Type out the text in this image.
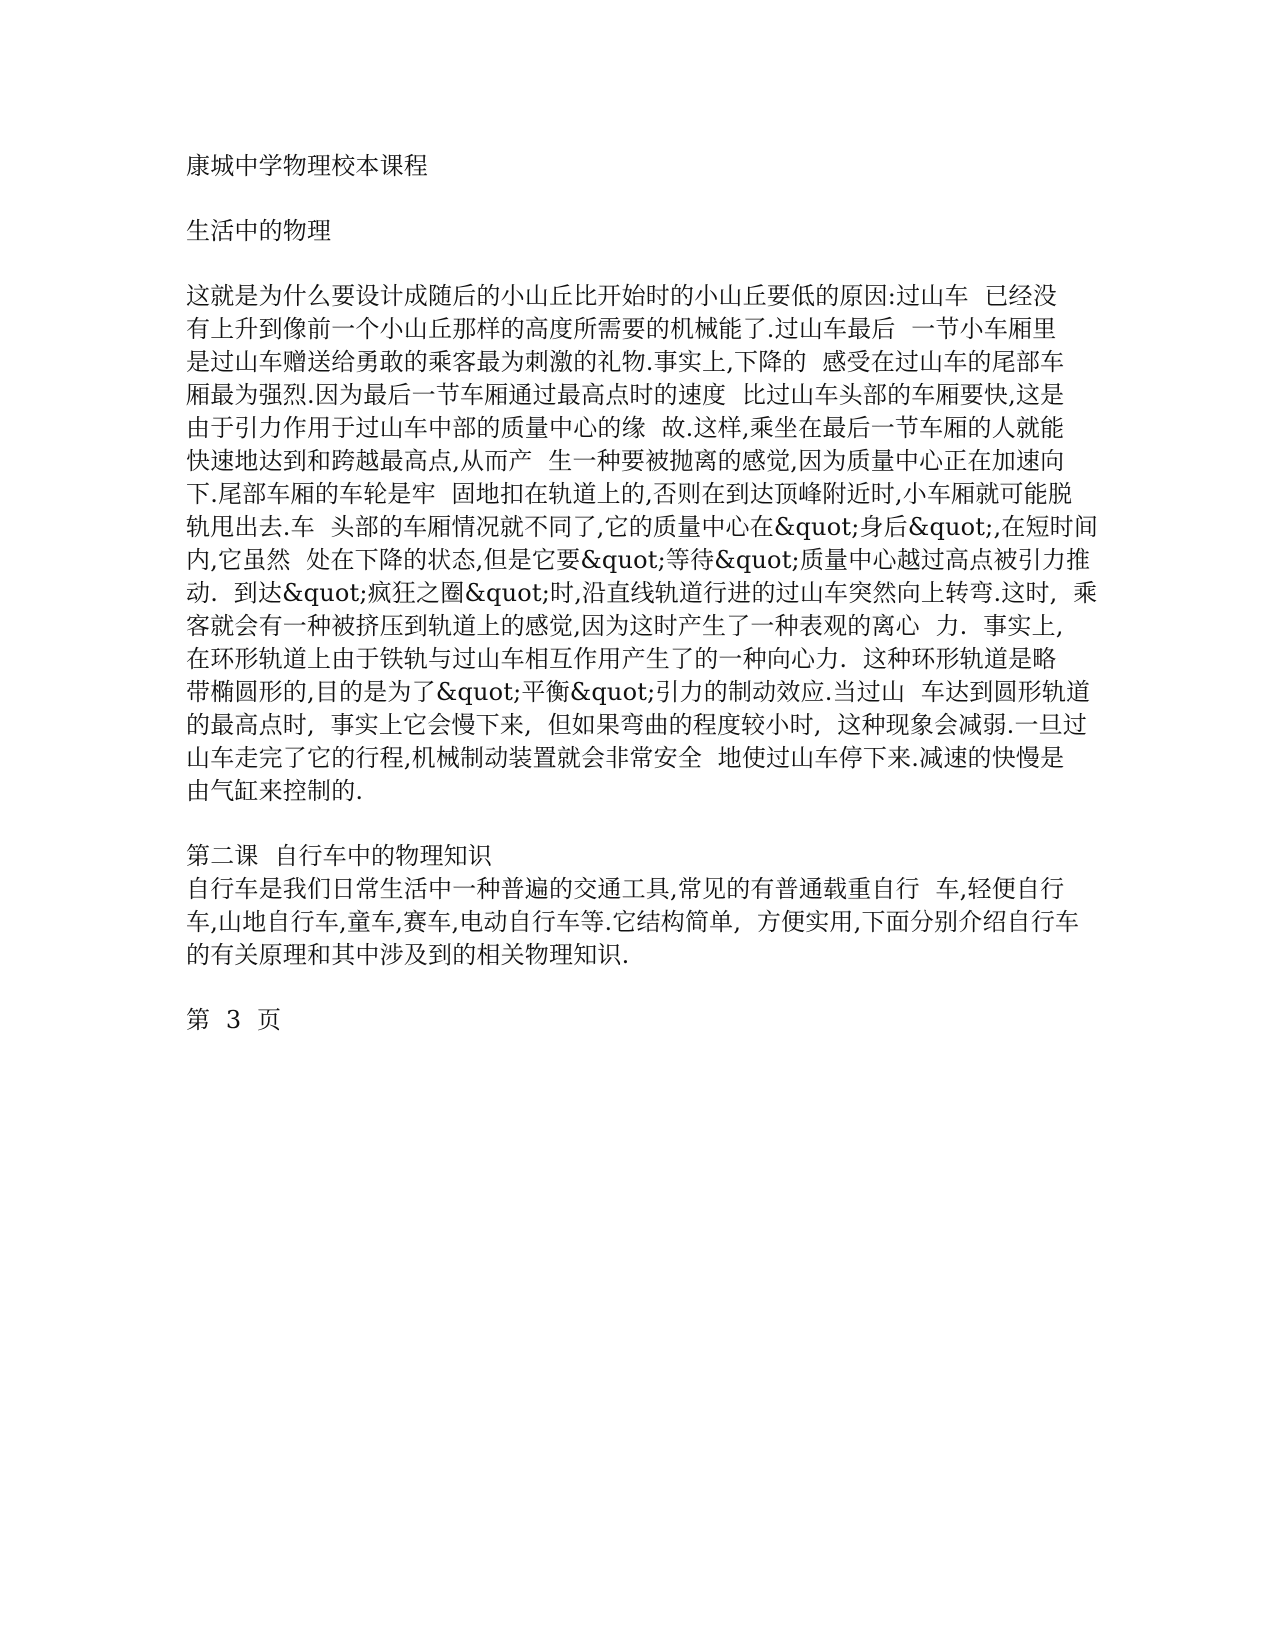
康城中学物理校本课程
生活中的物理
这就是为什么要设计成随后的小山丘比开始时的小山丘要低的原因:过山车  已经没
有上升到像前一个小山丘那样的高度所需要的机械能了.过山车最后  一节小车厢里
是过山车赠送给勇敢的乘客最为刺激的礼物.事实上,下降的  感受在过山车的尾部车
厢最为强烈.因为最后一节车厢通过最高点时的速度  比过山车头部的车厢要快,这是
由于引力作用于过山车中部的质量中心的缘  故.这样,乘坐在最后一节车厢的人就能
快速地达到和跨越最高点,从而产  生一种要被抛离的感觉,因为质量中心正在加速向
下.尾部车厢的车轮是牢  固地扣在轨道上的,否则在到达顶峰附近时,小车厢就可能脱
轨甩出去.车  头部的车厢情况就不同了,它的质量中心在&quot;身后&quot;,在短时间
内,它虽然  处在下降的状态,但是它要&quot;等待&quot;质量中心越过高点被引力推
动.  到达&quot;疯狂之圈&quot;时,沿直线轨道行进的过山车突然向上转弯.这时,  乘
客就会有一种被挤压到轨道上的感觉,因为这时产生了一种表观的离心  力.  事实上,
在环形轨道上由于铁轨与过山车相互作用产生了的一种向心力.  这种环形轨道是略
带椭圆形的,目的是为了&quot;平衡&quot;引力的制动效应.当过山  车达到圆形轨道
的最高点时,  事实上它会慢下来,  但如果弯曲的程度较小时,  这种现象会减弱.一旦过
山车走完了它的行程,机械制动装置就会非常安全  地使过山车停下来.减速的快慢是
由气缸来控制的.
第二课  自行车中的物理知识
自行车是我们日常生活中一种普遍的交通工具,常见的有普通载重自行  车,轻便自行
车,山地自行车,童车,赛车,电动自行车等.它结构简单,  方便实用,下面分别介绍自行车
的有关原理和其中涉及到的相关物理知识.
第  3  页
